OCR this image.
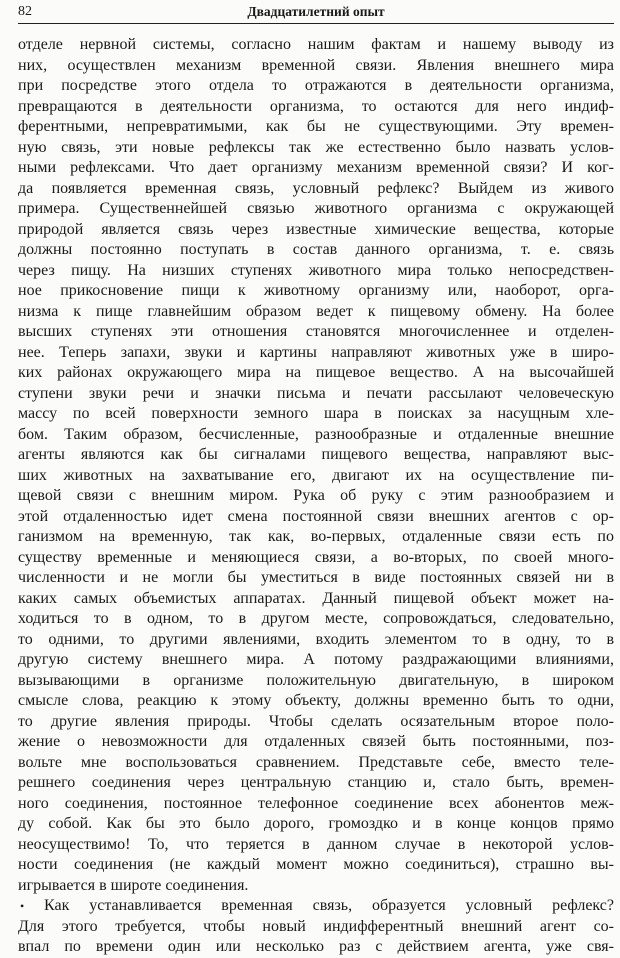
82	Двадцатилетний опыт
отделе нервной системы, согласно нашим фактам и нашему выводу из
них, осуществлен механизм временной связи. Явления внешнего мира
при посредстве этого отдела то отражаются в деятельности организма,
превращаются в деятельности организма, то остаются для него индиф-
ферентными, непревратимыми, как бы не существующими. Эту времен-
ную связь, эти новые рефлексы так же естественно было назвать услов-
ными рефлексами. Что дает организму механизм временной связи? И ког-
да появляется временная связь, условный рефлекс? Выйдем из живого
примера. Существеннейшей связью животного организма с окружающей
природой является связь через известные химические вещества, которые
должны постоянно поступать в состав данного организма, т. е. связь
через пищу. На низших ступенях животного мира только непосредствен-
ное прикосновение пищи к животному организму или, наоборот, орга-
низма к пище главнейшим образом ведет к пищевому обмену. На более
высших ступенях эти отношения становятся многочисленнее и отделен-
нее. Теперь запахи, звуки и картины направляют животных уже в широ-
ких районах окружающего мира на пищевое вещество. А на высочайшей
ступени звуки речи и значки письма и печати рассылают человеческую
массу по всей поверхности земного шара в поисках за насущным хле-
бом. Таким образом, бесчисленные, разнообразные и отдаленные внешние
агенты являются как бы сигналами пищевого вещества, направляют выс-
ших животных на захватывание его, двигают их на осуществление пи-
щевой связи с внешним миром. Рука об руку с этим разнообразием и
этой отдаленностью идет смена постоянной связи внешних агентов с ор-
ганизмом на временную, так как, во-первых, отдаленные связи есть по
существу временные и меняющиеся связи, а во-вторых, по своей много-
численности и не могли бы уместиться в виде постоянных связей ни в
каких самых объемистых аппаратах. Данный пищевой объект может на-
ходиться то в одном, то в другом месте, сопровождаться, следовательно,
то одними, то другими явлениями, входить элементом то в одну, то в
другую систему внешнего мира. А потому раздражающими влияниями,
вызывающими в организме положительную двигательную, в широком
смысле слова, реакцию к этому объекту, должны временно быть то одни,
то другие явления природы. Чтобы сделать осязательным второе поло-
жение о невозможности для отдаленных связей быть постоянными, поз-
вольте мне воспользоваться сравнением. Представьте себе, вместо теле-
решнего соединения через центральную станцию и, стало быть, времен-
ного соединения, постоянное телефонное соединение всех абонентов меж-
ду собой. Как бы это было дорого, громоздко и в конце концов прямо
неосуществимо! То, что теряется в данном случае в некоторой услов-
ности соединения (не каждый момент можно соединиться), страшно вы-
игрывается в широте соединения.
• Как устанавливается временная связь, образуется условный рефлекс?
Для этого требуется, чтобы новый индифферентный внешний агент со-
впал по времени один или несколько раз с действием агента, уже свя-
